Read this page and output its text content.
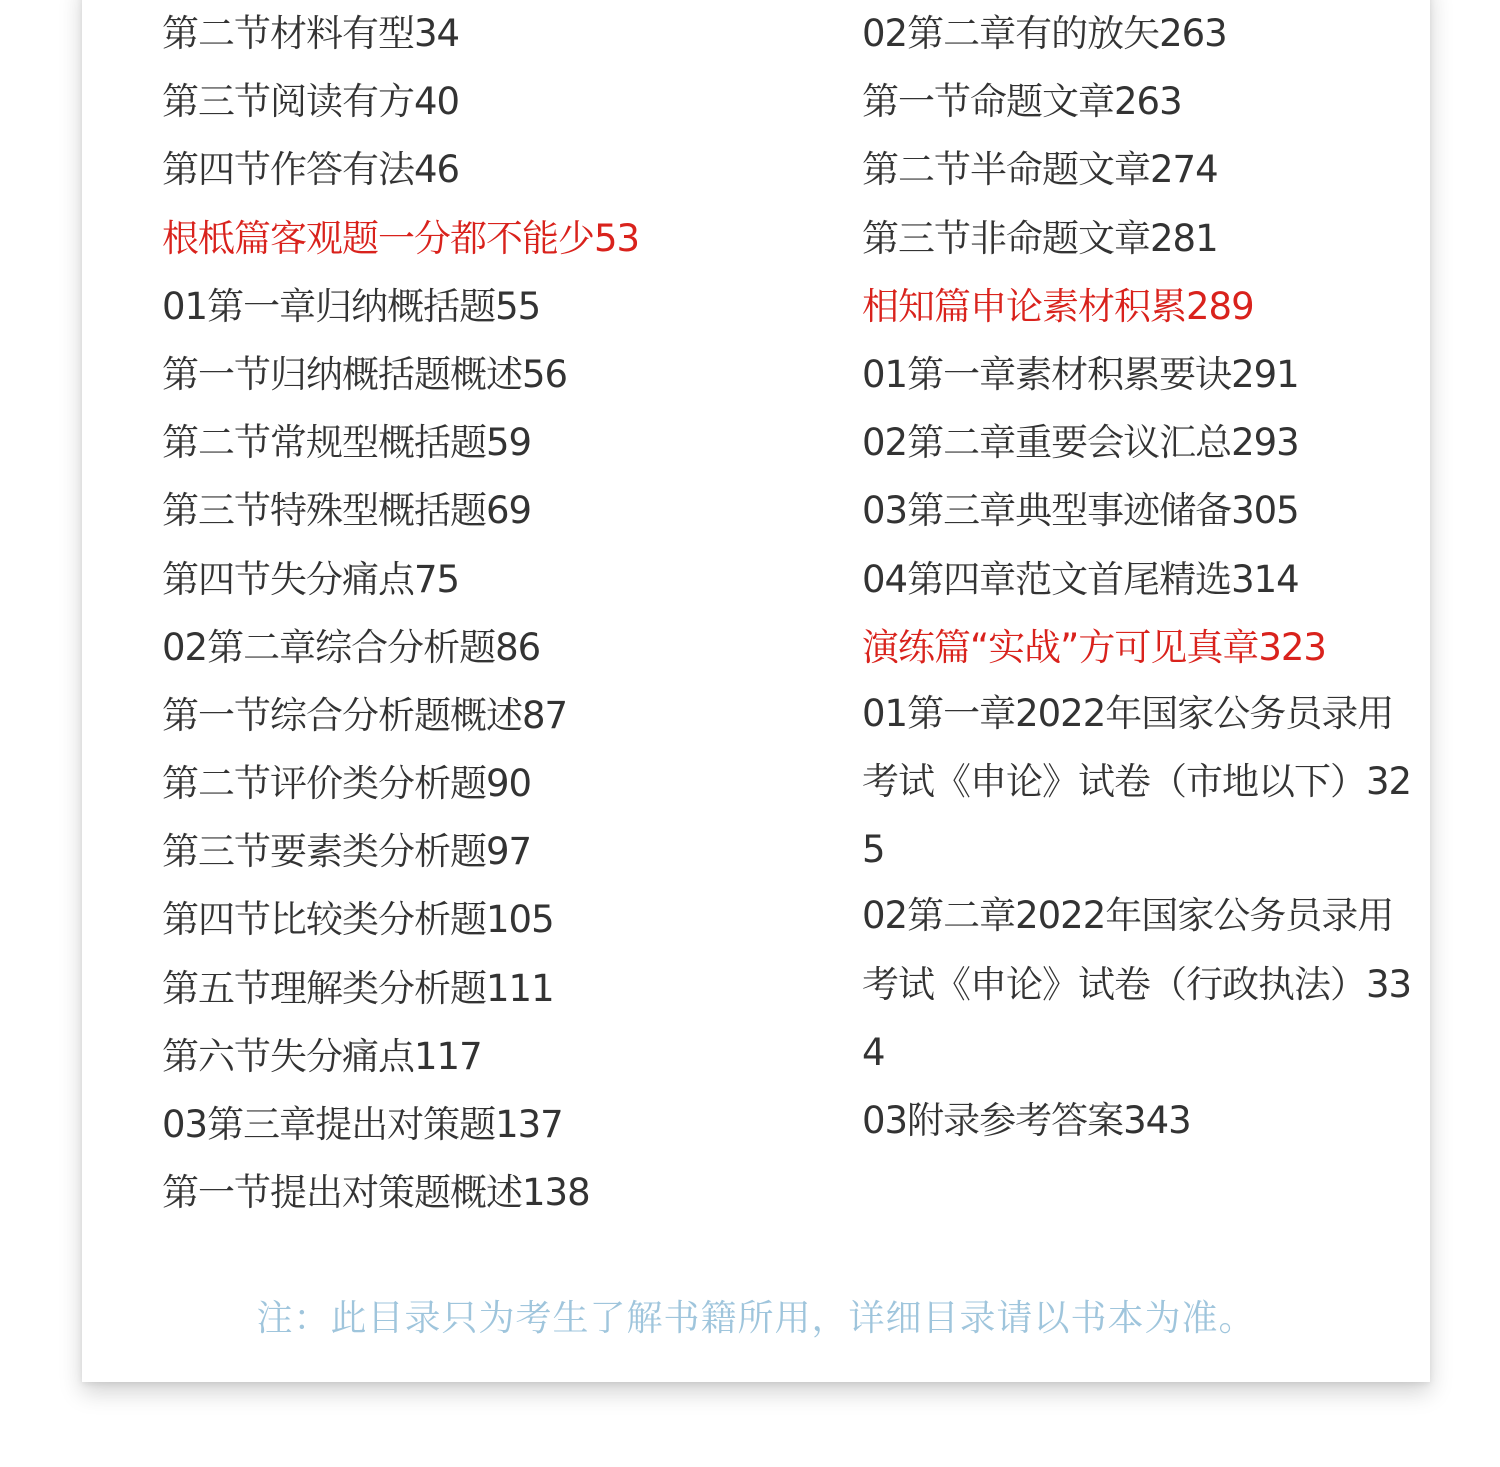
第二节材料有型34
第三节阅读有方40
第四节作答有法46
根柢篇客观题一分都不能少53
01第一章归纳概括题55
第一节归纳概括题概述56
第二节常规型概括题59
第三节特殊型概括题69
第四节失分痛点75
02第二章综合分析题86
第一节综合分析题概述87
第二节评价类分析题90
第三节要素类分析题97
第四节比较类分析题105
第五节理解类分析题111
第六节失分痛点117
03第三章提出对策题137
第一节提出对策题概述138
02第二章有的放矢263
第一节命题文章263
第二节半命题文章274
第三节非命题文章281
相知篇申论素材积累289
01第一章素材积累要诀291
02第二章重要会议汇总293
03第三章典型事迹储备305
04第四章范文首尾精选314
演练篇“实战”方可见真章323
01第一章2022年国家公务员录用考试《申论》试卷（市地以下）325
02第二章2022年国家公务员录用考试《申论》试卷（行政执法）334
03附录参考答案343
注：此目录只为考生了解书籍所用，详细目录请以书本为准。
